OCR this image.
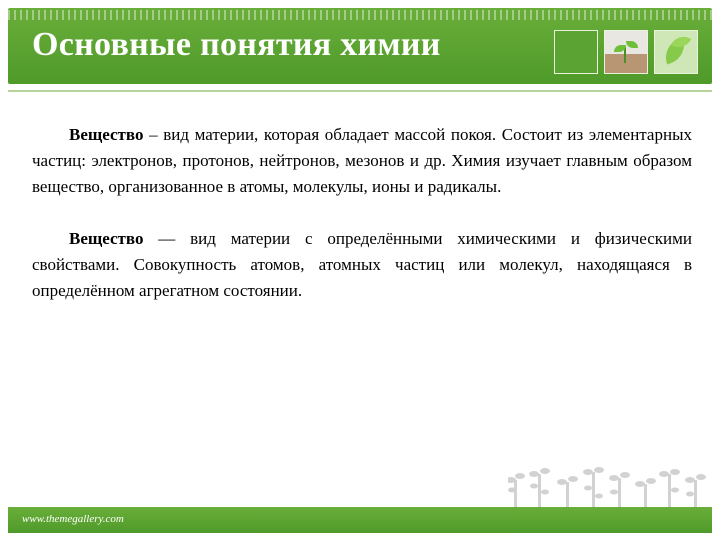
Основные понятия химии

Вещество – вид материи, которая обладает массой покоя. Состоит из элементарных частиц: электронов, протонов, нейтронов, мезонов и др. Химия изучает главным образом вещество, организованное в атомы, молекулы, ионы и радикалы.

Вещество — вид материи с определёнными химическими и физическими свойствами. Совокупность атомов, атомных частиц или молекул, находящаяся в определённом агрегатном состоянии.

www.themegallery.com
